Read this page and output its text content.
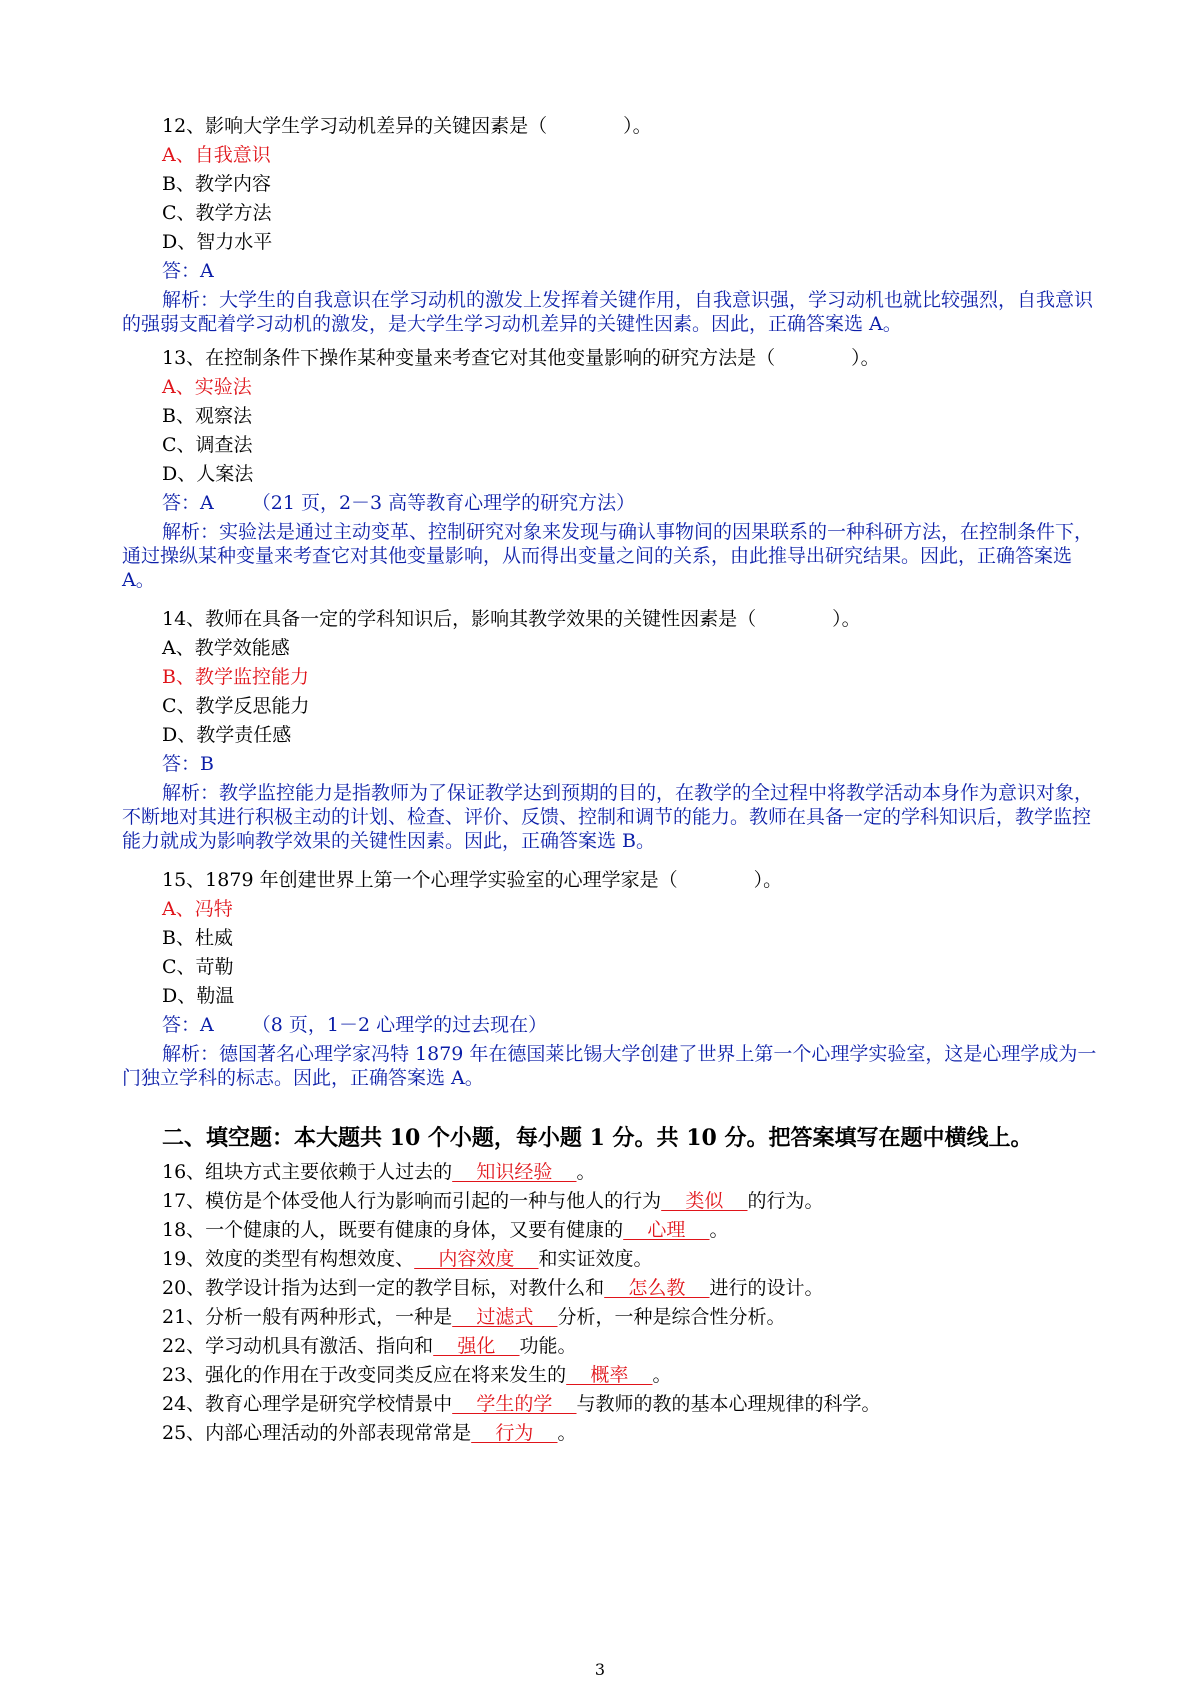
12、影响大学生学习动机差异的关键因素是（　　　　）。
A、自我意识
B、教学内容
C、教学方法
D、智力水平
答：A
解析：大学生的自我意识在学习动机的激发上发挥着关键作用，自我意识强，学习动机也就比较强烈，自我意识的强弱支配着学习动机的激发，是大学生学习动机差异的关键性因素。因此，正确答案选 A。
13、在控制条件下操作某种变量来考查它对其他变量影响的研究方法是（　　　　）。
A、实验法
B、观察法
C、调查法
D、人案法
答：A （21 页，2－3 高等教育心理学的研究方法）
解析：实验法是通过主动变革、控制研究对象来发现与确认事物间的因果联系的一种科研方法，在控制条件下，通过操纵某种变量来考查它对其他变量影响，从而得出变量之间的关系，由此推导出研究结果。因此，正确答案选 A。
14、教师在具备一定的学科知识后，影响其教学效果的关键性因素是（　　　　）。
A、教学效能感
B、教学监控能力
C、教学反思能力
D、教学责任感
答：B
解析：教学监控能力是指教师为了保证教学达到预期的目的，在教学的全过程中将教学活动本身作为意识对象，不断地对其进行积极主动的计划、检查、评价、反馈、控制和调节的能力。教师在具备一定的学科知识后，教学监控能力就成为影响教学效果的关键性因素。因此，正确答案选 B。
15、1879 年创建世界上第一个心理学实验室的心理学家是（　　　　）。
A、冯特
B、杜威
C、苛勒
D、勒温
答：A （8 页，1－2 心理学的过去现在）
解析：德国著名心理学家冯特 1879 年在德国莱比锡大学创建了世界上第一个心理学实验室，这是心理学成为一门独立学科的标志。因此，正确答案选 A。
二、填空题：本大题共 10 个小题，每小题 1 分。共 10 分。把答案填写在题中横线上。
16、组块方式主要依赖于人过去的    知识经验    。
17、模仿是个体受他人行为影响而引起的一种与他人的行为    类似    的行为。
18、一个健康的人，既要有健康的身体，又要有健康的    心理    。
19、效度的类型有构想效度、    内容效度    和实证效度。
20、教学设计指为达到一定的教学目标，对教什么和    怎么教    进行的设计。
21、分析一般有两种形式，一种是    过滤式    分析，一种是综合性分析。
22、学习动机具有激活、指向和    强化    功能。
23、强化的作用在于改变同类反应在将来发生的    概率    。
24、教育心理学是研究学校情景中    学生的学    与教师的教的基本心理规律的科学。
25、内部心理活动的外部表现常常是    行为    。
3
